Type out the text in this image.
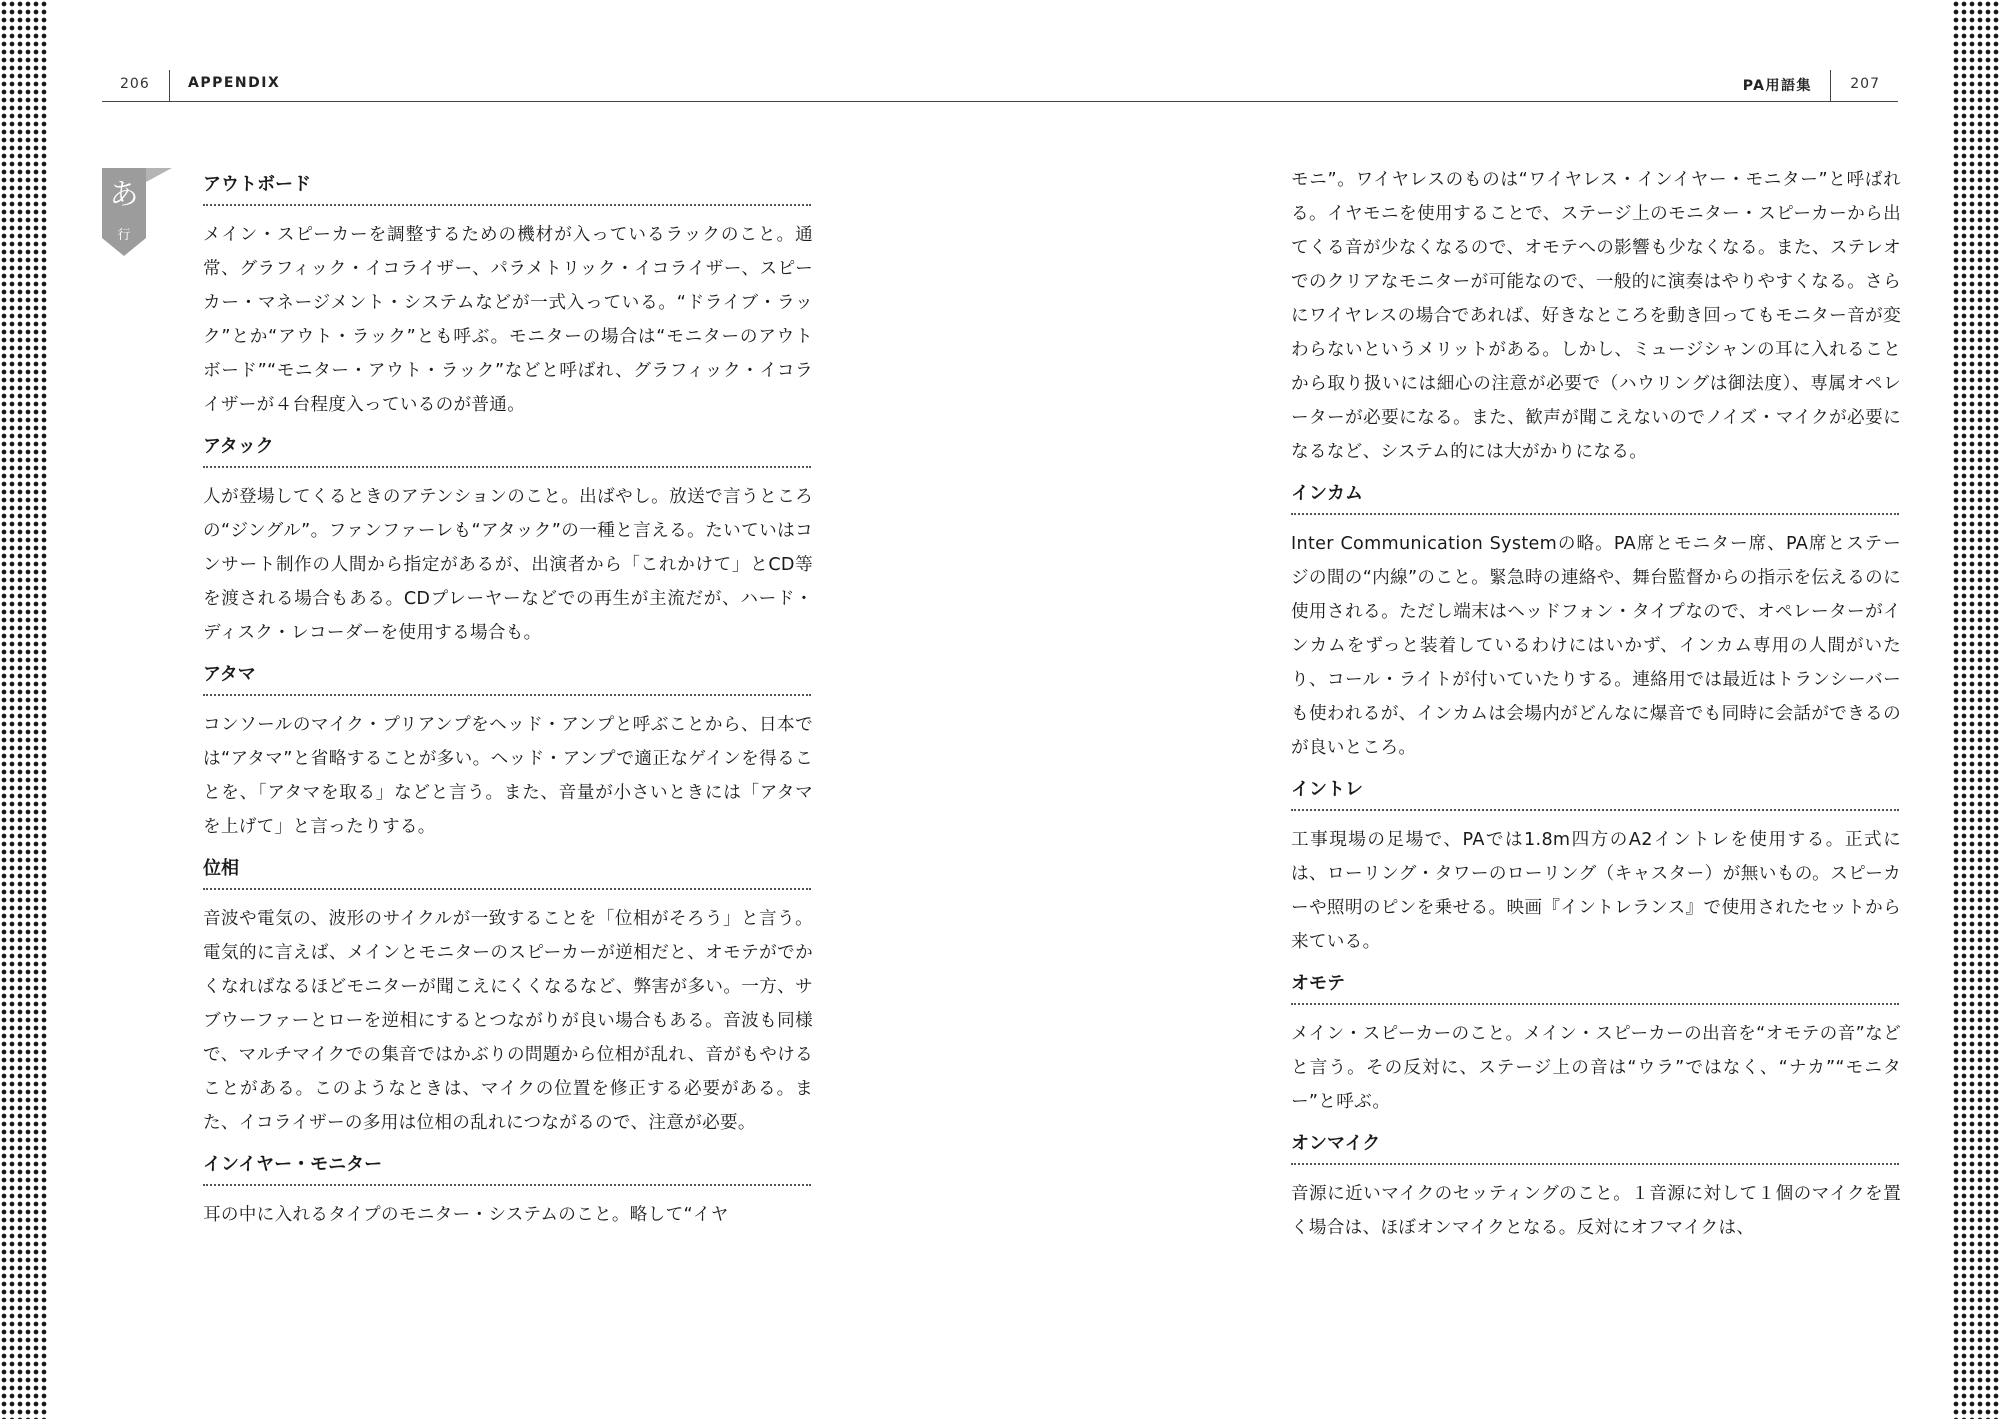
206	APPENDIX	PA用語集	207
あ
行
アウトボード

メイン・スピーカーを調整するための機材が入っているラックのこと。通常、グラフィック・イコライザー、パラメトリック・イコライザー、スピーカー・マネージメント・システムなどが一式入っている。“ドライブ・ラック”とか“アウト・ラック”とも呼ぶ。モニターの場合は“モニターのアウトボード”“モニター・アウト・ラック”などと呼ばれ、グラフィック・イコライザーが４台程度入っているのが普通。

アタック

人が登場してくるときのアテンションのこと。出ばやし。放送で言うところの“ジングル”。ファンファーレも“アタック”の一種と言える。たいていはコンサート制作の人間から指定があるが、出演者から「これかけて」とCD等を渡される場合もある。CDプレーヤーなどでの再生が主流だが、ハード・ディスク・レコーダーを使用する場合も。

アタマ

コンソールのマイク・プリアンプをヘッド・アンプと呼ぶことから、日本では“アタマ”と省略することが多い。ヘッド・アンプで適正なゲインを得ることを、「アタマを取る」などと言う。また、音量が小さいときには「アタマを上げて」と言ったりする。

位相

音波や電気の、波形のサイクルが一致することを「位相がそろう」と言う。電気的に言えば、メインとモニターのスピーカーが逆相だと、オモテがでかくなればなるほどモニターが聞こえにくくなるなど、弊害が多い。一方、サブウーファーとローを逆相にするとつながりが良い場合もある。音波も同様で、マルチマイクでの集音ではかぶりの問題から位相が乱れ、音がもやけることがある。このようなときは、マイクの位置を修正する必要がある。また、イコライザーの多用は位相の乱れにつながるので、注意が必要。

インイヤー・モニター

耳の中に入れるタイプのモニター・システムのこと。略して“イヤ

モニ”。ワイヤレスのものは“ワイヤレス・インイヤー・モニター”と呼ばれる。イヤモニを使用することで、ステージ上のモニター・スピーカーから出てくる音が少なくなるので、オモテへの影響も少なくなる。また、ステレオでのクリアなモニターが可能なので、一般的に演奏はやりやすくなる。さらにワイヤレスの場合であれば、好きなところを動き回ってもモニター音が変わらないというメリットがある。しかし、ミュージシャンの耳に入れることから取り扱いには細心の注意が必要で（ハウリングは御法度）、専属オペレーターが必要になる。また、歓声が聞こえないのでノイズ・マイクが必要になるなど、システム的には大がかりになる。

インカム

Inter Communication Systemの略。PA席とモニター席、PA席とステージの間の“内線”のこと。緊急時の連絡や、舞台監督からの指示を伝えるのに使用される。ただし端末はヘッドフォン・タイプなので、オペレーターがインカムをずっと装着しているわけにはいかず、インカム専用の人間がいたり、コール・ライトが付いていたりする。連絡用では最近はトランシーバーも使われるが、インカムは会場内がどんなに爆音でも同時に会話ができるのが良いところ。

イントレ

工事現場の足場で、PAでは1.8m四方のA2イントレを使用する。正式には、ローリング・タワーのローリング（キャスター）が無いもの。スピーカーや照明のピンを乗せる。映画『イントレランス』で使用されたセットから来ている。

オモテ

メイン・スピーカーのこと。メイン・スピーカーの出音を“オモテの音”などと言う。その反対に、ステージ上の音は“ウラ”ではなく、“ナカ”“モニター”と呼ぶ。

オンマイク

音源に近いマイクのセッティングのこと。１音源に対して１個のマイクを置く場合は、ほぼオンマイクとなる。反対にオフマイクは、
